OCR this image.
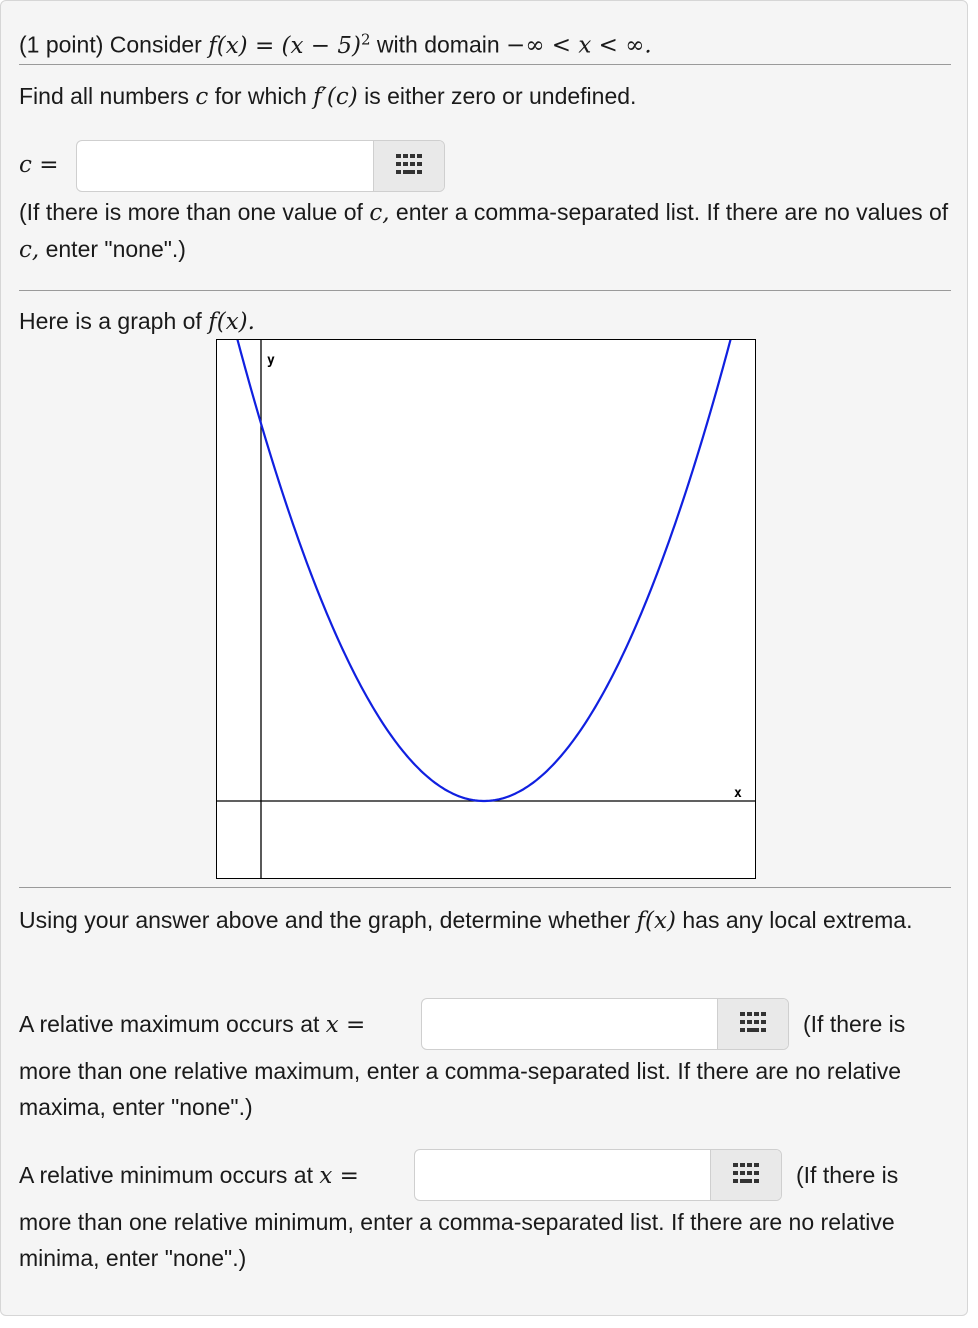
(1 point) Consider $f(x) = (x - 5)^2$ with domain −∞ < x < ∞.
Find all numbers c for which f′(c) is either zero or undefined.
c =
(If there is more than one value of c, enter a comma-separated list. If there are no values of c, enter "none".)
Here is a graph of f(x).
y
x
Using your answer above and the graph, determine whether f(x) has any local extrema.
A relative maximum occurs at x =	(If there is
more than one relative maximum, enter a comma-separated list. If there are no relative maxima, enter "none".)
A relative minimum occurs at x =	(If there is
more than one relative minimum, enter a comma-separated list. If there are no relative minima, enter "none".)
